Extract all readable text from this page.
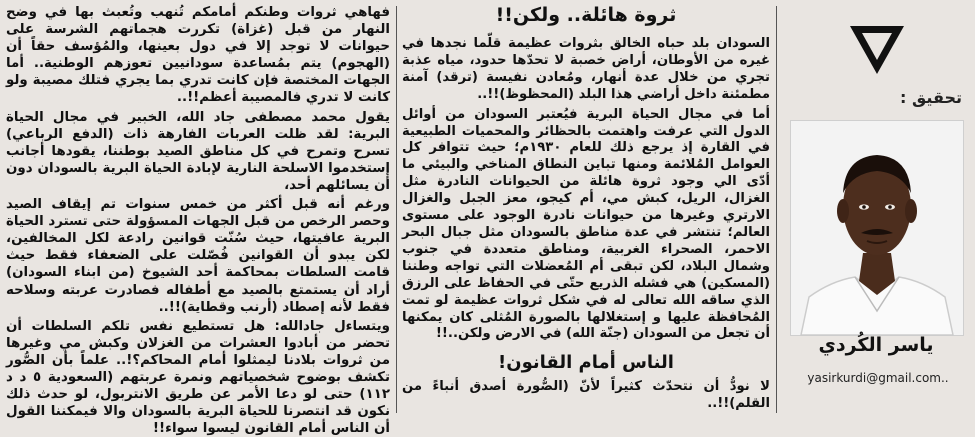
فهاهي ثروات وطنكم أمامكم تُنهب وتُعبث بها في وضح النهار من قبل (غزاة) تكررت هجماتهم الشرسة على حيوانات لا توجد إلا في دول بعينها، والمُؤسف حقاً أن (الهجوم) يتم بمُساعدة سودانيين تعوزهم الوطنية.. أما الجهات المختصة فإن كانت تدري بما يجري فتلك مصيبة ولو كانت لا تدري فالمصيبة أعظم!!..

يقول محمد مصطفى جاد الله، الخبير في مجال الحياة البرية: لقد ظلت العربات الفارهة ذات (الدفع الرباعي) تسرح وتمرح في كل مناطق الصيد بوطننا، يقودها أجانب إستخدموا الاسلحة النارية لإبادة الحياة البرية بالسودان دون أن يسائلهم أحد،

ورغم أنه قبل أكثر من خمس سنوات تم إيقاف الصيد وحصر الرخص من قبل الجهات المسؤولة حتى تسترد الحياة البرية عافيتها، حيث سُنّت قوانين رادعة لكل المخالفين، لكن يبدو أن القوانين فُصّلت على الضعفاء فقط حيث قامت السلطات بمحاكمة أحد الشيوخ (من ابناء السودان) أراد أن يستمتع بالصيد مع أطفاله فصادرت عربته وسلاحه فقط لأنه إصطاد (أرنب وقطاية)!!..

ويتساءل جادالله: هل تستطيع نفس تلكم السلطات أن تحضر من أبادوا العشرات من الغزلان وكبش مي وغيرها من ثروات بلادنا ليمثلوا أمام المحاكم؟!.. علماً بأن الصُّور تكشف بوضوح شخصياتهم ونمرة عربتهم (السعودية ٥ د د ١١٢) حتى لو دعا الأمر عن طريق الانتربول، لو حدث ذلك نكون قد انتصرنا للحياة البرية بالسودان والا فيمكننا القول أن الناس أمام القانون ليسوا سواء!!

ثروة هائلة.. ولكن!!

السودان بلد حباه الخالق بثروات عظيمة قلّما نجدها في غيره من الأوطان، أراض خصبة لا تحدّها حدود، مياه عذبة تجري من خلال عدة أنهار، ومُعادن نفيسة (ترقد) آمنة مطمئنة داخل أراضي هذا البلد (المحظوظ)!!..

أما في مجال الحياة البرية فيُعتبر السودان من أوائل الدول التي عرفت واهتمت بالحظائر والمحميات الطبيعية في القارة إذ يرجع ذلك للعام ١٩٣٠م؛ حيث تتوافر كل العوامل المُلائمة ومنها تباين النطاق المناخي والبيئي ما أدّى الي وجود ثروة هائلة من الحيوانات النادرة مثل الغزال، الريل، كبش مي، أم كيجو، معز الجبل والغزال الارتري وغيرها من حيوانات نادرة الوجود على مستوى العالم؛ تنتشر في عدة مناطق بالسودان مثل جبال البحر الاحمر، الصحراء الغربية، ومناطق متعددة في جنوب وشمال البلاد، لكن تبقى أم المُعضلات التي تواجه وطننا (المسكين) هي فشله الذريع حتّى في الحفاظ على الرزق الذي ساقه الله تعالى له في شكل ثروات عظيمة لو تمت المُحافظة عليها و إستغلالها بالصورة المُثلى كان يمكنها أن تجعل من السودان (جنّة الله) في الارض ولكن..!!

الناس أمام القانون!

لا نودُّ أن نتحدّث كثيراً لأنّ (الصُّورة أصدق أنباءً من القلم)!!..

تحقيق :
ياسر الكُردي
yasirkurdi@gmail.com..
